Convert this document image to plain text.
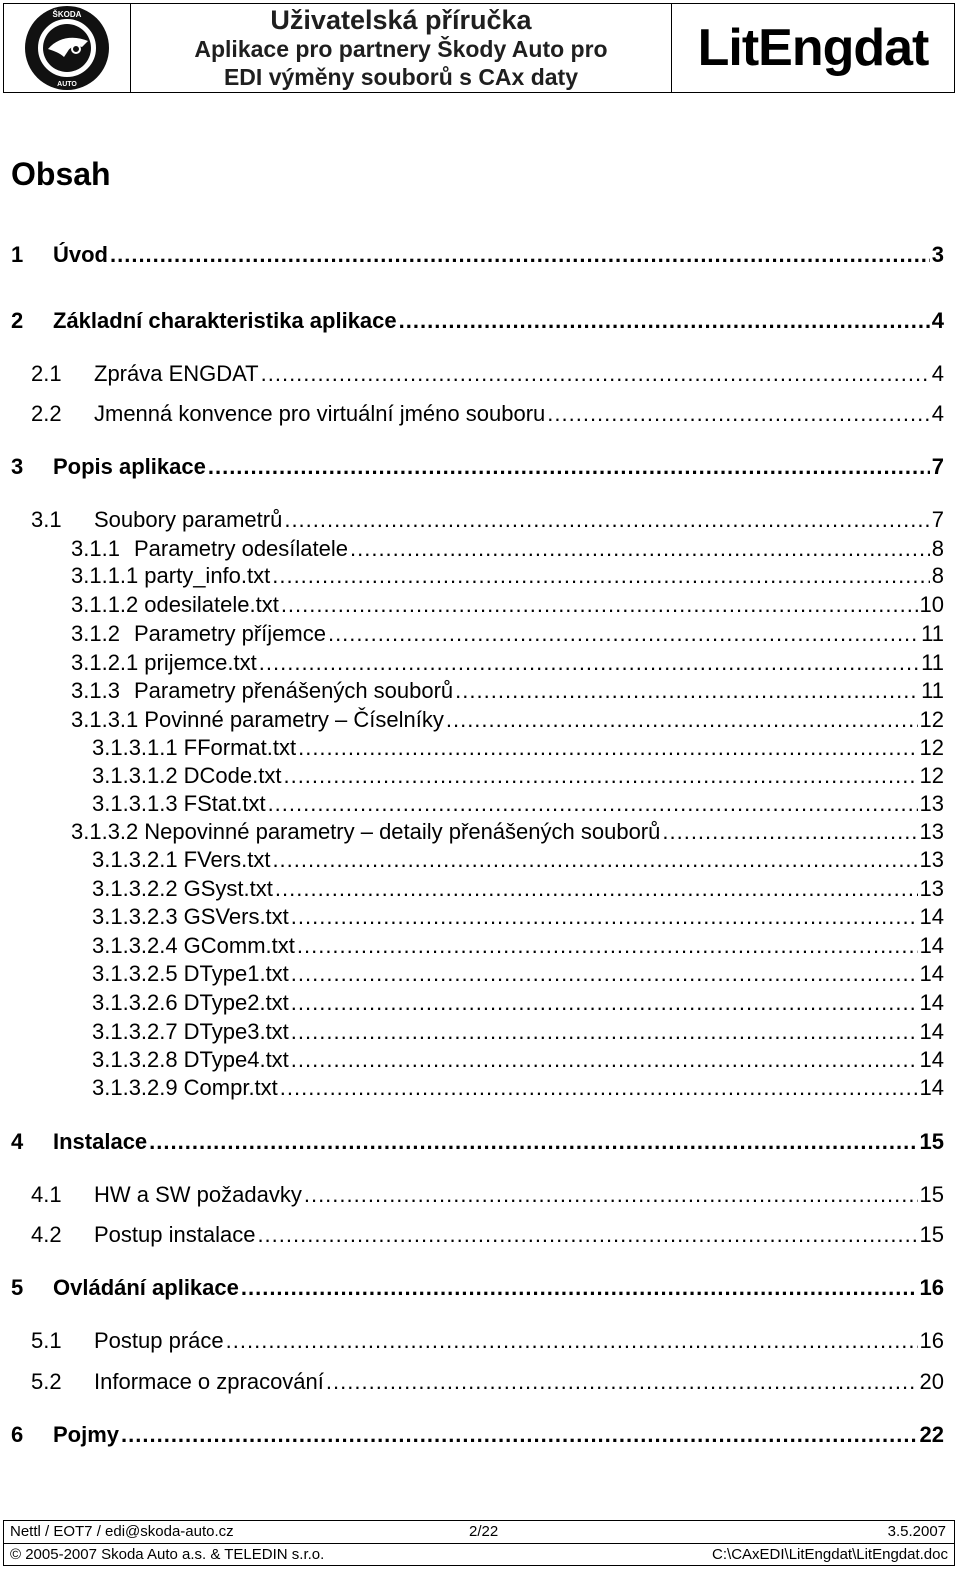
ŠKODA
AUTO
Uživatelská příručka
Aplikace pro partnery Škody Auto pro
EDI výměny souborů s CAx daty	LitEngdat
Obsah
1	Úvod .....	3
2	Základní charakteristika aplikace .....	4
2.1	Zpráva ENGDAT .....	4
2.2	Jmenná konvence pro virtuální jméno souboru .....	4
3	Popis aplikace .....	7
3.1	Soubory parametrů .....	7
3.1.1 Parametry odesílatele .....	8
3.1.1.1 party_info.txt .....	8
3.1.1.2 odesilatele.txt .....	10
3.1.2 Parametry příjemce .....	11
3.1.2.1 prijemce.txt .....	11
3.1.3 Parametry přenášených souborů .....	11
3.1.3.1 Povinné parametry – Číselníky .....	12
3.1.3.1.1 FFormat.txt .....	12
3.1.3.1.2 DCode.txt .....	12
3.1.3.1.3 FStat.txt .....	13
3.1.3.2 Nepovinné parametry – detaily přenášených souborů .....	13
3.1.3.2.1 FVers.txt .....	13
3.1.3.2.2 GSyst.txt .....	13
3.1.3.2.3 GSVers.txt .....	14
3.1.3.2.4 GComm.txt .....	14
3.1.3.2.5 DType1.txt .....	14
3.1.3.2.6 DType2.txt .....	14
3.1.3.2.7 DType3.txt .....	14
3.1.3.2.8 DType4.txt .....	14
3.1.3.2.9 Compr.txt .....	14
4	Instalace .....	15
4.1	HW a SW požadavky .....	15
4.2	Postup instalace .....	15
5	Ovládání aplikace .....	16
5.1	Postup práce .....	16
5.2	Informace o zpracování .....	20
6	Pojmy .....	22
Nettl / EOT7 / edi@skoda-auto.cz	2/22	3.5.2007
© 2005-2007 Skoda Auto a.s. & TELEDIN s.r.o.	C:\CAxEDI\LitEngdat\LitEngdat.doc
